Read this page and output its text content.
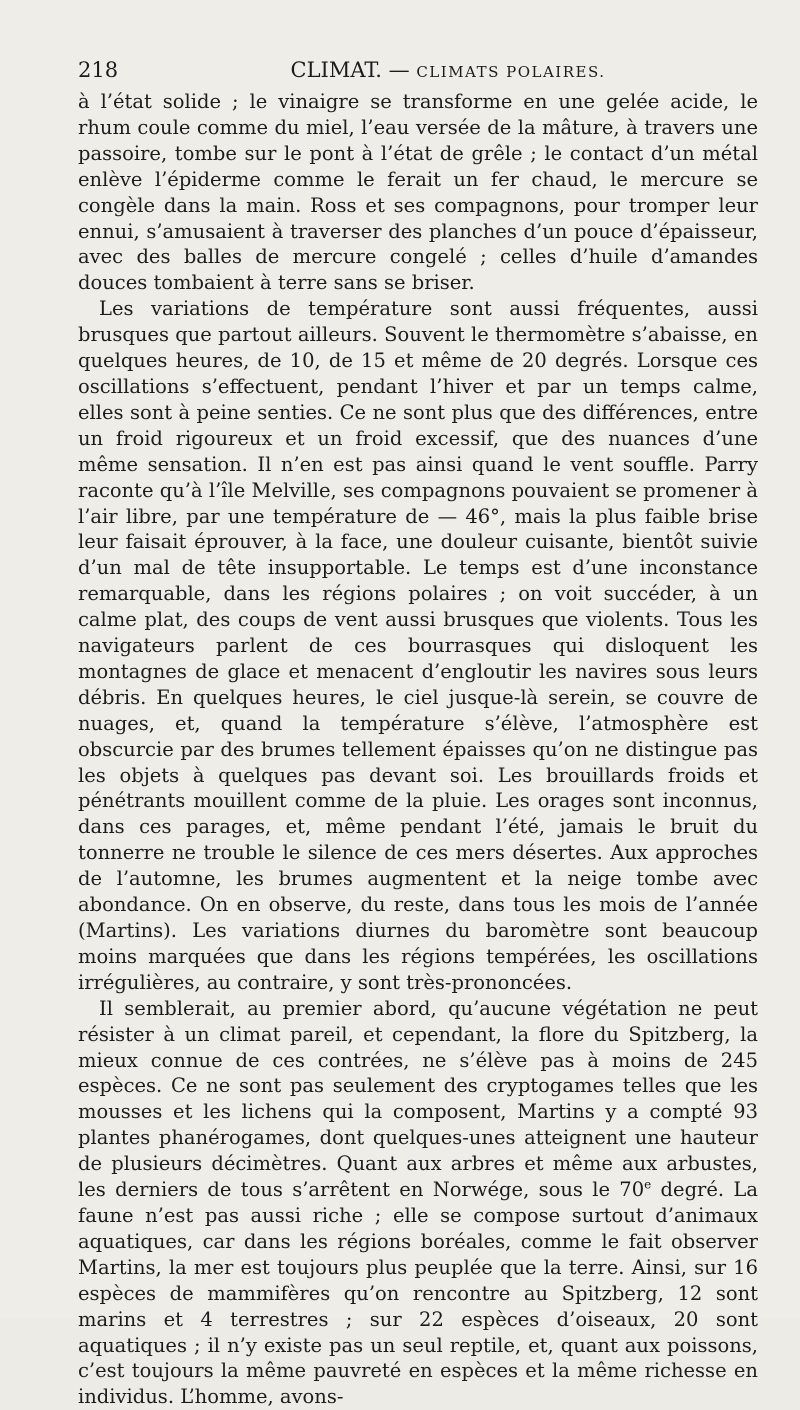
218	CLIMAT. — CLIMATS POLAIRES.

à l’état solide ; le vinaigre se transforme en une gelée acide, le rhum coule comme du miel, l’eau versée de la mâture, à travers une passoire, tombe sur le pont à l’état de grêle ; le contact d’un métal enlève l’épiderme comme le ferait un fer chaud, le mercure se congèle dans la main. Ross et ses compagnons, pour tromper leur ennui, s’amusaient à traverser des planches d’un pouce d’épaisseur, avec des balles de mercure congelé ; celles d’huile d’amandes douces tombaient à terre sans se briser.

Les variations de température sont aussi fréquentes, aussi brusques que partout ailleurs. Souvent le thermomètre s’abaisse, en quelques heures, de 10, de 15 et même de 20 degrés. Lorsque ces oscillations s’effectuent, pendant l’hiver et par un temps calme, elles sont à peine senties. Ce ne sont plus que des différences, entre un froid rigoureux et un froid excessif, que des nuances d’une même sensation. Il n’en est pas ainsi quand le vent souffle. Parry raconte qu’à l’île Melville, ses compagnons pouvaient se promener à l’air libre, par une température de — 46°, mais la plus faible brise leur faisait éprouver, à la face, une douleur cuisante, bientôt suivie d’un mal de tête insupportable. Le temps est d’une inconstance remarquable, dans les régions polaires ; on voit succéder, à un calme plat, des coups de vent aussi brusques que violents. Tous les navigateurs parlent de ces bourrasques qui disloquent les montagnes de glace et menacent d’engloutir les navires sous leurs débris. En quelques heures, le ciel jusque-là serein, se couvre de nuages, et, quand la température s’élève, l’atmosphère est obscurcie par des brumes tellement épaisses qu’on ne distingue pas les objets à quelques pas devant soi. Les brouillards froids et pénétrants mouillent comme de la pluie. Les orages sont inconnus, dans ces parages, et, même pendant l’été, jamais le bruit du tonnerre ne trouble le silence de ces mers désertes. Aux approches de l’automne, les brumes augmentent et la neige tombe avec abondance. On en observe, du reste, dans tous les mois de l’année (Martins). Les variations diurnes du baromètre sont beaucoup moins marquées que dans les régions tempérées, les oscillations irrégulières, au contraire, y sont très-prononcées.

Il semblerait, au premier abord, qu’aucune végétation ne peut résister à un climat pareil, et cependant, la flore du Spitzberg, la mieux connue de ces contrées, ne s’élève pas à moins de 245 espèces. Ce ne sont pas seulement des cryptogames telles que les mousses et les lichens qui la composent, Martins y a compté 93 plantes phanérogames, dont quelques-unes atteignent une hauteur de plusieurs décimètres. Quant aux arbres et même aux arbustes, les derniers de tous s’arrêtent en Norwége, sous le 70e degré. La faune n’est pas aussi riche ; elle se compose surtout d’animaux aquatiques, car dans les régions boréales, comme le fait observer Martins, la mer est toujours plus peuplée que la terre. Ainsi, sur 16 espèces de mammifères qu’on rencontre au Spitzberg, 12 sont marins et 4 terrestres ; sur 22 espèces d’oiseaux, 20 sont aquatiques ; il n’y existe pas un seul reptile, et, quant aux poissons, c’est toujours la même pauvreté en espèces et la même richesse en individus. L’homme, avons-
